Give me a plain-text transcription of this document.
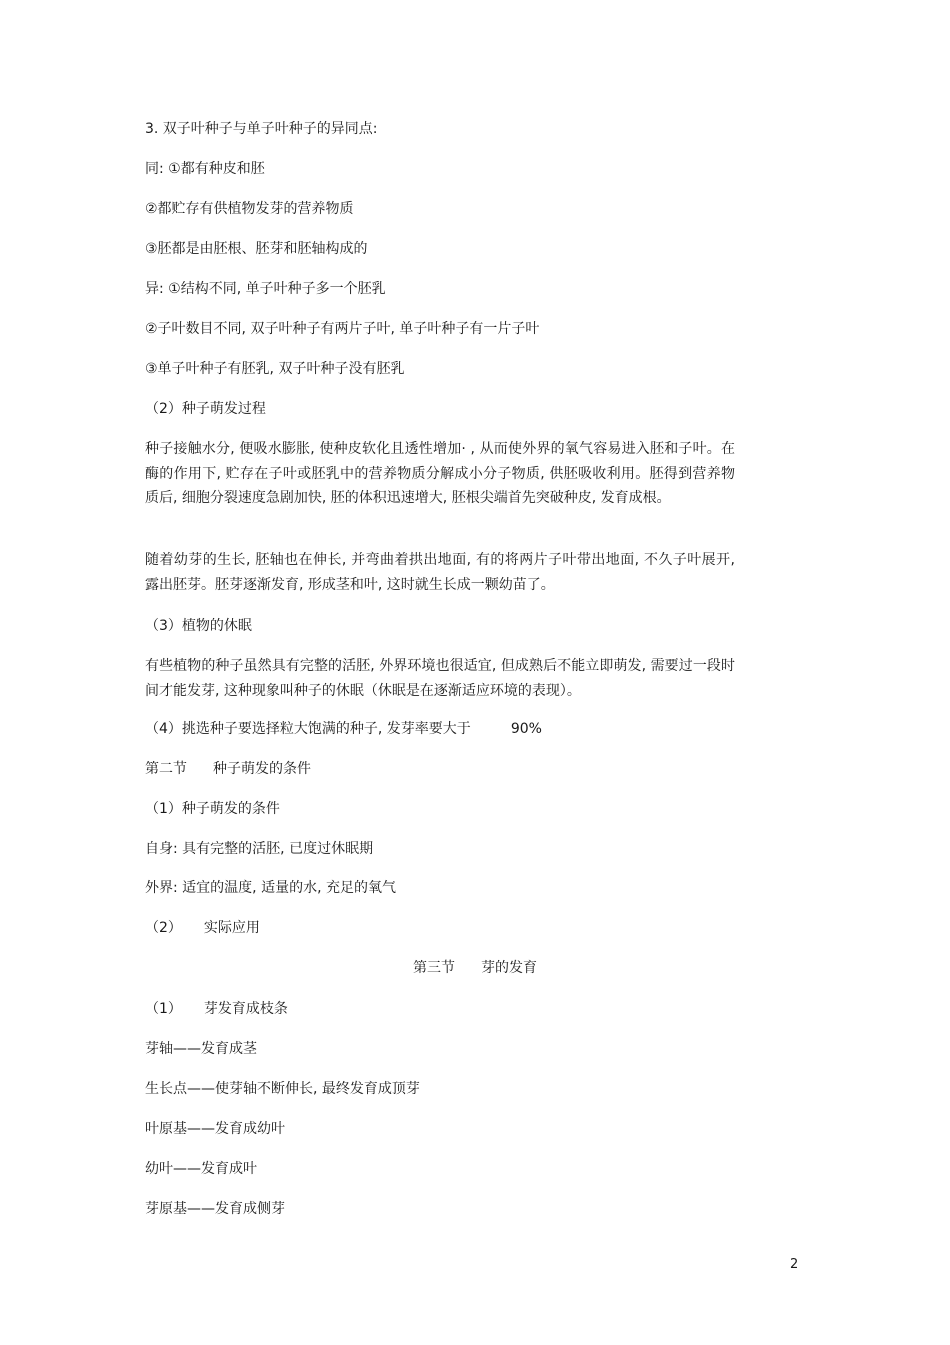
3. 双子叶种子与单子叶种子的异同点:
同: ①都有种皮和胚
②都贮存有供植物发芽的营养物质
③胚都是由胚根、胚芽和胚轴构成的
异: ①结构不同, 单子叶种子多一个胚乳
②子叶数目不同, 双子叶种子有两片子叶, 单子叶种子有一片子叶
③单子叶种子有胚乳, 双子叶种子没有胚乳
（2）种子萌发过程
种子接触水分, 便吸水膨胀, 使种皮软化且透性增加· , 从而使外界的氧气容易进入胚和子叶。在酶的作用下, 贮存在子叶或胚乳中的营养物质分解成小分子物质, 供胚吸收利用。胚得到营养物质后, 细胞分裂速度急剧加快, 胚的体积迅速增大, 胚根尖端首先突破种皮, 发育成根。
随着幼芽的生长, 胚轴也在伸长, 并弯曲着拱出地面, 有的将两片子叶带出地面, 不久子叶展开, 露出胚芽。胚芽逐渐发育, 形成茎和叶, 这时就生长成一颗幼苗了。
（3）植物的休眠
有些植物的种子虽然具有完整的活胚, 外界环境也很适宜, 但成熟后不能立即萌发, 需要过一段时间才能发芽, 这种现象叫种子的休眠（休眠是在逐渐适应环境的表现）。
（4）挑选种子要选择粒大饱满的种子, 发芽率要大于	90%
第二节 种子萌发的条件
（1）种子萌发的条件
自身: 具有完整的活胚, 已度过休眠期
外界: 适宜的温度, 适量的水, 充足的氧气
（2） 实际应用
第三节 芽的发育
（1） 芽发育成枝条
芽轴——发育成茎
生长点——使芽轴不断伸长, 最终发育成顶芽
叶原基——发育成幼叶
幼叶——发育成叶
芽原基——发育成侧芽
2
